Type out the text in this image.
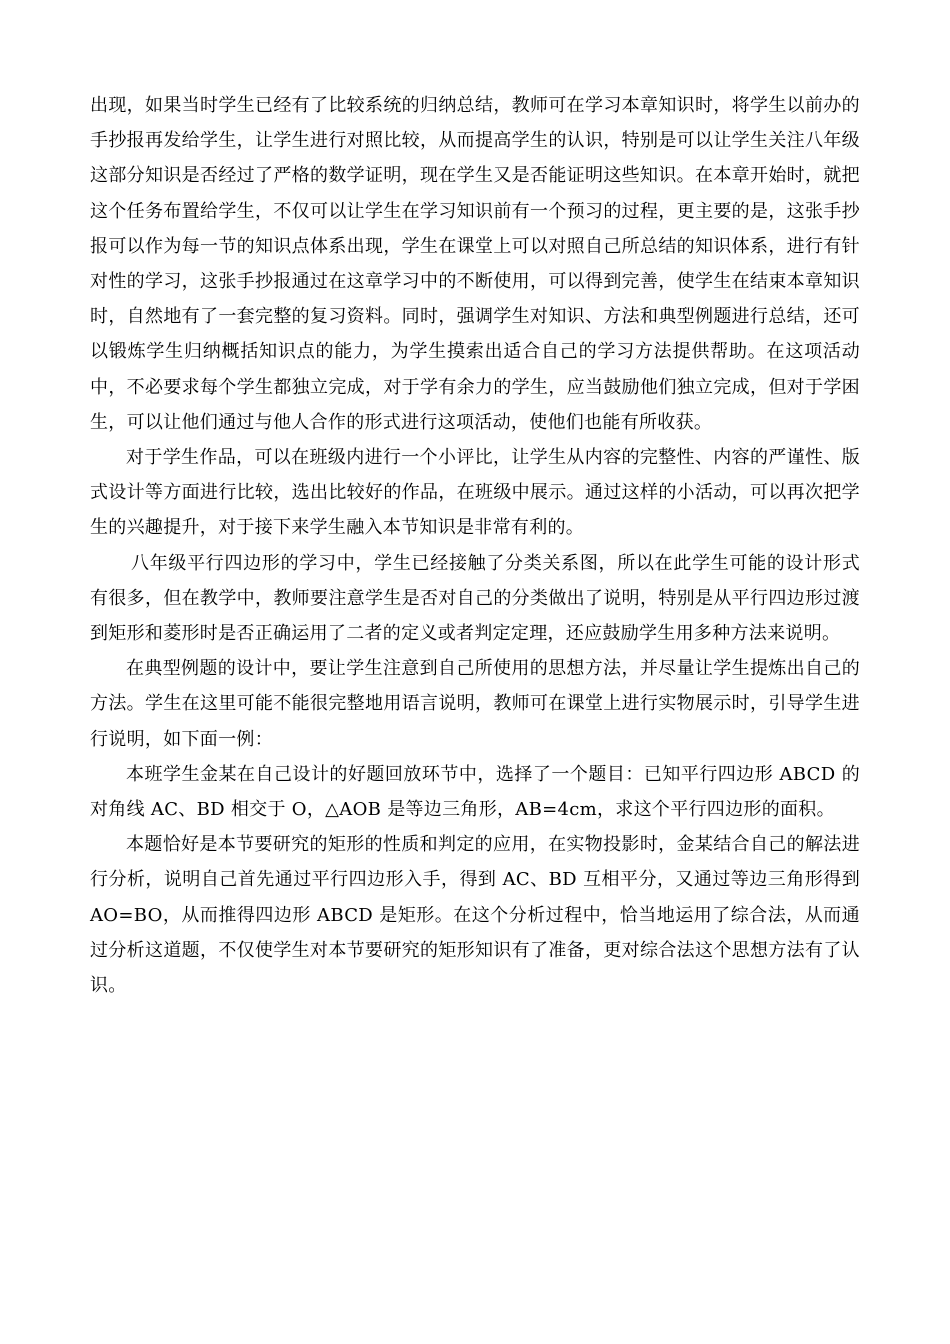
出现，如果当时学生已经有了比较系统的归纳总结，教师可在学习本章知识时，将学生以前办的手抄报再发给学生，让学生进行对照比较，从而提高学生的认识，特别是可以让学生关注八年级这部分知识是否经过了严格的数学证明，现在学生又是否能证明这些知识。在本章开始时，就把这个任务布置给学生，不仅可以让学生在学习知识前有一个预习的过程，更主要的是，这张手抄报可以作为每一节的知识点体系出现，学生在课堂上可以对照自己所总结的知识体系，进行有针对性的学习，这张手抄报通过在这章学习中的不断使用，可以得到完善，使学生在结束本章知识时，自然地有了一套完整的复习资料。同时，强调学生对知识、方法和典型例题进行总结，还可以锻炼学生归纳概括知识点的能力，为学生摸索出适合自己的学习方法提供帮助。在这项活动中，不必要求每个学生都独立完成，对于学有余力的学生，应当鼓励他们独立完成，但对于学困生，可以让他们通过与他人合作的形式进行这项活动，使他们也能有所收获。

对于学生作品，可以在班级内进行一个小评比，让学生从内容的完整性、内容的严谨性、版式设计等方面进行比较，选出比较好的作品，在班级中展示。通过这样的小活动，可以再次把学生的兴趣提升，对于接下来学生融入本节知识是非常有利的。

八年级平行四边形的学习中，学生已经接触了分类关系图，所以在此学生可能的设计形式有很多，但在教学中，教师要注意学生是否对自己的分类做出了说明，特别是从平行四边形过渡到矩形和菱形时是否正确运用了二者的定义或者判定定理，还应鼓励学生用多种方法来说明。

在典型例题的设计中，要让学生注意到自己所使用的思想方法，并尽量让学生提炼出自己的方法。学生在这里可能不能很完整地用语言说明，教师可在课堂上进行实物展示时，引导学生进行说明，如下面一例：

本班学生金某在自己设计的好题回放环节中，选择了一个题目：已知平行四边形 ABCD 的对角线 AC、BD 相交于 O，△AOB 是等边三角形，AB=4cm，求这个平行四边形的面积。

本题恰好是本节要研究的矩形的性质和判定的应用，在实物投影时，金某结合自己的解法进行分析，说明自己首先通过平行四边形入手，得到 AC、BD 互相平分，又通过等边三角形得到 AO=BO，从而推得四边形 ABCD 是矩形。在这个分析过程中，恰当地运用了综合法，从而通过分析这道题，不仅使学生对本节要研究的矩形知识有了准备，更对综合法这个思想方法有了认识。
